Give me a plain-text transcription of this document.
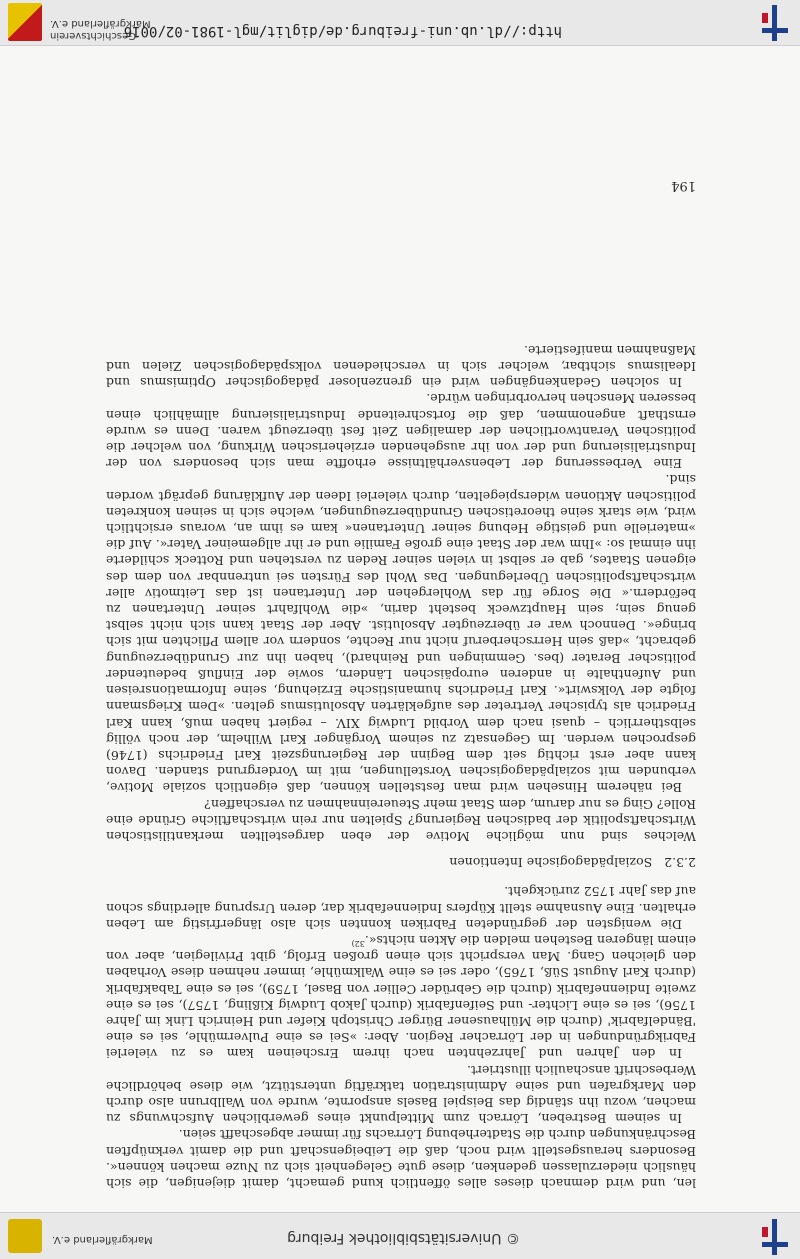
© Universitätsbibliothek Freiburg
Markgräflerland e.V.

len, und wird demnach dieses alles öffentlich kund gemacht, damit diejenigen, die sich häuslich niederzulassen gedenken, diese gute Gelegenheit sich zu Nuze machen können«. Besonders herausgestellt wird noch, daß die Leibeigenschaft und die damit verknüpften Beschränkungen durch die Stadterhebung Lörrachs für immer abgeschafft seien.

In seinem Bestreben, Lörrach zum Mittelpunkt eines gewerblichen Aufschwungs zu machen, wozu ihn ständig das Beispiel Basels anspornte, wurde von Wallbrunn also durch den Markgrafen und seine Administration tatkräftig unterstützt, wie diese behördliche Werbeschrift anschaulich illustriert.

In den Jahren und Jahrzehnten nach ihrem Erscheinen kam es zu vielerlei Fabrikgründungen in der Lörracher Region. Aber: »Sei es eine Pulvermühle, sei es eine 'Bändelfabrik' (durch die Mülhausener Bürger Christoph Kiefer und Heinrich Link im Jahre 1756), sei es eine Lichter- und Seifenfabrik (durch Jakob Ludwig Kißling, 1757), sei es eine zweite Indiennefabrik (durch die Gebrüder Cellier von Basel, 1759), sei es eine Tabakfabrik (durch Karl August Süß, 1765), oder sei es eine Walkmühle, immer nehmen diese Vorhaben den gleichen Gang. Man verspricht sich einen großen Erfolg, gibt Privilegien, aber von einem längeren Bestehen melden die Akten nichts«.$^{32)}$

Die wenigsten der gegründeten Fabriken konnten sich also längerfristig am Leben erhalten. Eine Ausnahme stellt Küpfers Indiennefabrik dar, deren Ursprung allerdings schon auf das Jahr 1752 zurückgeht.

2.3.2Sozialpädagogische Intentionen

Welches sind nun mögliche Motive der eben dargestellten merkantilistischen Wirtschaftspolitik der badischen Regierung? Spielten nur rein wirtschaftliche Gründe eine Rolle? Ging es nur darum, dem Staat mehr Steuereinnahmen zu verschaffen?

Bei näherem Hinsehen wird man feststellen können, daß eigentlich soziale Motive, verbunden mit sozialpädagogischen Vorstellungen, mit im Vordergrund standen. Davon kann aber erst richtig seit dem Beginn der Regierungszeit Karl Friedrichs (1746) gesprochen werden. Im Gegensatz zu seinem Vorgänger Karl Wilhelm, der noch völlig selbstherrlich – quasi nach dem Vorbild Ludwig XIV. – regiert haben muß, kann Karl Friedrich als typischer Vertreter des aufgeklärten Absolutismus gelten. »Dem Kriegsmann folgte der Volkswirt«. Karl Friedrichs humanistische Erziehung, seine Informationsreisen und Aufenthalte in anderen europäischen Ländern, sowie der Einfluß bedeutender politischer Berater (bes. Gemmingen und Reinhard), haben ihn zur Grundüberzeugung gebracht, »daß sein Herrscherberuf nicht nur Rechte, sondern vor allem Pflichten mit sich bringe«. Dennoch war er überzeugter Absolutist. Aber der Staat kann sich nicht selbst genug sein; sein Hauptzweck besteht darin, »die Wohlfahrt seiner Untertanen zu befördern.« Die Sorge für das Wohlergehen der Untertanen ist das Leitmotiv aller wirtschaftspolitischen Überlegungen. Das Wohl des Fürsten sei untrennbar von dem des eigenen Staates, gab er selbst in vielen seiner Reden zu verstehen und Rotteck schilderte ihn einmal so: »Ihm war der Staat eine große Familie und er ihr allgemeiner Vater«. Auf die »materielle und geistige Hebung seiner Untertanen« kam es ihm an, woraus ersichtlich wird, wie stark seine theoretischen Grundüberzeugungen, welche sich in seinen konkreten politischen Aktionen widerspiegelten, durch vielerlei Ideen der Aufklärung geprägt worden sind.

Eine Verbesserung der Lebensverhältnisse erhoffte man sich besonders von der Industrialisierung und der von ihr ausgehenden erzieherischen Wirkung, von welcher die politischen Verantwortlichen der damaligen Zeit fest überzeugt waren. Denn es wurde ernsthaft angenommen, daß die fortschreitende Industrialisierung allmählich einen besseren Menschen hervorbringen würde.

In solchen Gedankengängen wird ein grenzenloser pädagogischer Optimismus und Idealismus sichtbar, welcher sich in verschiedenen volkspädagogischen Zielen und Maßnahmen manifestierte.

194
http://dl.ub.uni-freiburg.de/diglit/mgl-1981-02/0016
Geschichtsverein
Markgräflerland e.V.
